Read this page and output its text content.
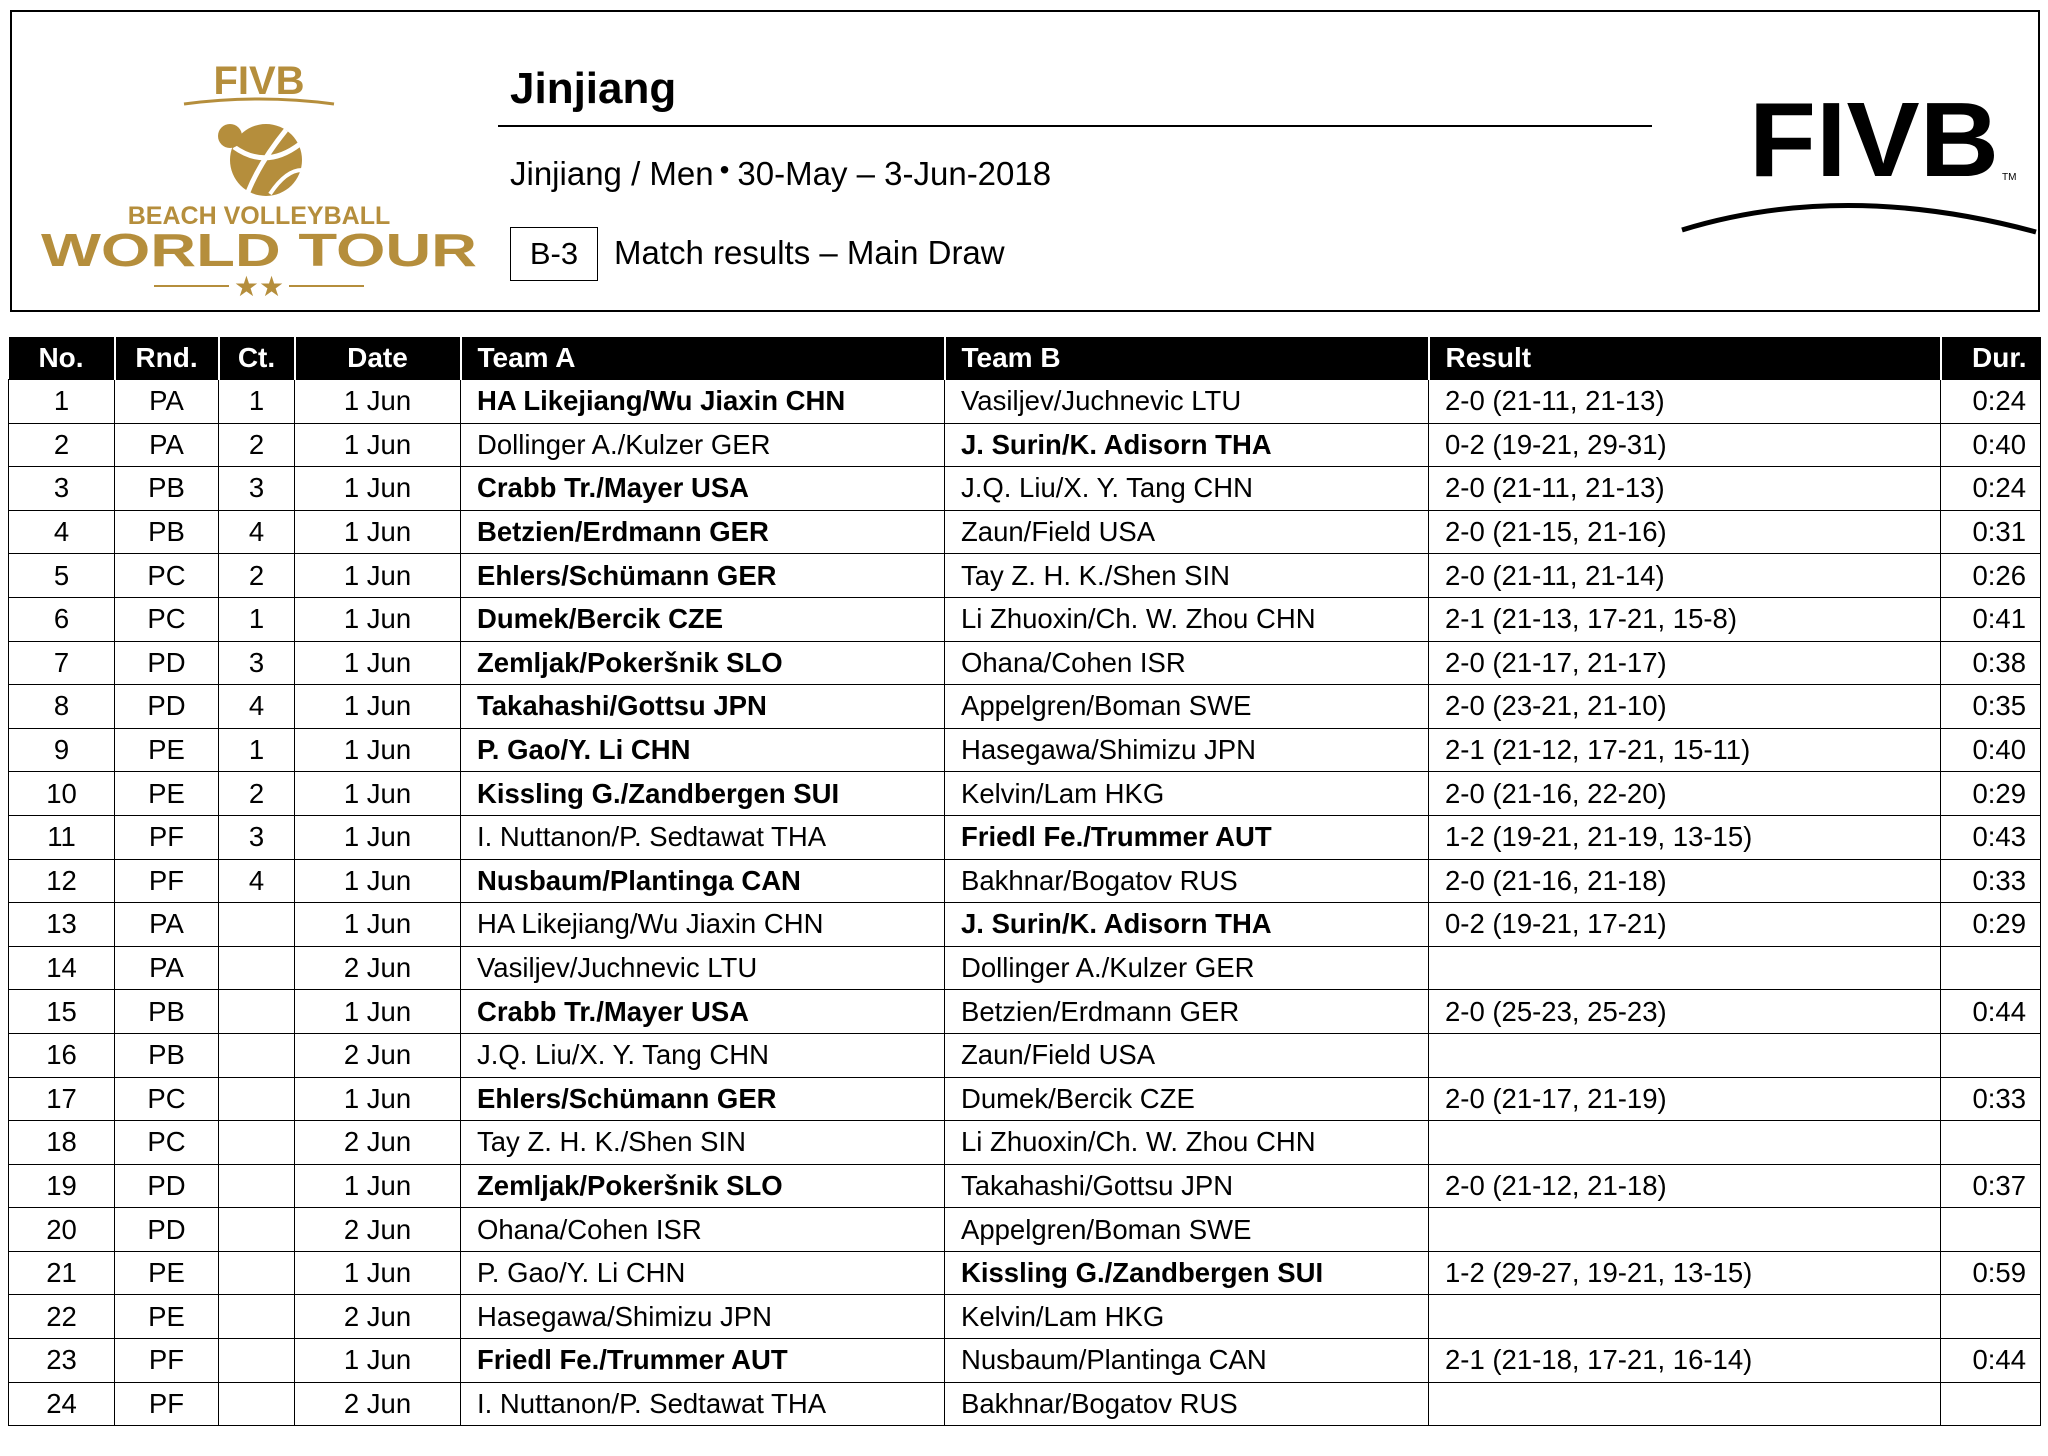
FIVB
BEACH VOLLEYBALL
WORLD TOUR
★★
Jinjiang
Jinjiang / Men • 30-May – 3-Jun-2018
B-3	Match results – Main Draw
FIVB TM
No.	Rnd.	Ct.	Date	Team A	Team B	Result	Dur.
1	PA	1	1 Jun	HA Likejiang/Wu Jiaxin CHN	Vasiljev/Juchnevic LTU	2-0 (21-11, 21-13)	0:24
2	PA	2	1 Jun	Dollinger A./Kulzer GER	J. Surin/K. Adisorn THA	0-2 (19-21, 29-31)	0:40
3	PB	3	1 Jun	Crabb Tr./Mayer USA	J.Q. Liu/X. Y. Tang CHN	2-0 (21-11, 21-13)	0:24
4	PB	4	1 Jun	Betzien/Erdmann GER	Zaun/Field USA	2-0 (21-15, 21-16)	0:31
5	PC	2	1 Jun	Ehlers/Schümann GER	Tay Z. H. K./Shen SIN	2-0 (21-11, 21-14)	0:26
6	PC	1	1 Jun	Dumek/Bercik CZE	Li Zhuoxin/Ch. W. Zhou CHN	2-1 (21-13, 17-21, 15-8)	0:41
7	PD	3	1 Jun	Zemljak/Pokeršnik SLO	Ohana/Cohen ISR	2-0 (21-17, 21-17)	0:38
8	PD	4	1 Jun	Takahashi/Gottsu JPN	Appelgren/Boman SWE	2-0 (23-21, 21-10)	0:35
9	PE	1	1 Jun	P. Gao/Y. Li CHN	Hasegawa/Shimizu JPN	2-1 (21-12, 17-21, 15-11)	0:40
10	PE	2	1 Jun	Kissling G./Zandbergen SUI	Kelvin/Lam HKG	2-0 (21-16, 22-20)	0:29
11	PF	3	1 Jun	I. Nuttanon/P. Sedtawat THA	Friedl Fe./Trummer AUT	1-2 (19-21, 21-19, 13-15)	0:43
12	PF	4	1 Jun	Nusbaum/Plantinga CAN	Bakhnar/Bogatov RUS	2-0 (21-16, 21-18)	0:33
13	PA		1 Jun	HA Likejiang/Wu Jiaxin CHN	J. Surin/K. Adisorn THA	0-2 (19-21, 17-21)	0:29
14	PA		2 Jun	Vasiljev/Juchnevic LTU	Dollinger A./Kulzer GER		
15	PB		1 Jun	Crabb Tr./Mayer USA	Betzien/Erdmann GER	2-0 (25-23, 25-23)	0:44
16	PB		2 Jun	J.Q. Liu/X. Y. Tang CHN	Zaun/Field USA		
17	PC		1 Jun	Ehlers/Schümann GER	Dumek/Bercik CZE	2-0 (21-17, 21-19)	0:33
18	PC		2 Jun	Tay Z. H. K./Shen SIN	Li Zhuoxin/Ch. W. Zhou CHN		
19	PD		1 Jun	Zemljak/Pokeršnik SLO	Takahashi/Gottsu JPN	2-0 (21-12, 21-18)	0:37
20	PD		2 Jun	Ohana/Cohen ISR	Appelgren/Boman SWE		
21	PE		1 Jun	P. Gao/Y. Li CHN	Kissling G./Zandbergen SUI	1-2 (29-27, 19-21, 13-15)	0:59
22	PE		2 Jun	Hasegawa/Shimizu JPN	Kelvin/Lam HKG		
23	PF		1 Jun	Friedl Fe./Trummer AUT	Nusbaum/Plantinga CAN	2-1 (21-18, 17-21, 16-14)	0:44
24	PF		2 Jun	I. Nuttanon/P. Sedtawat THA	Bakhnar/Bogatov RUS		
